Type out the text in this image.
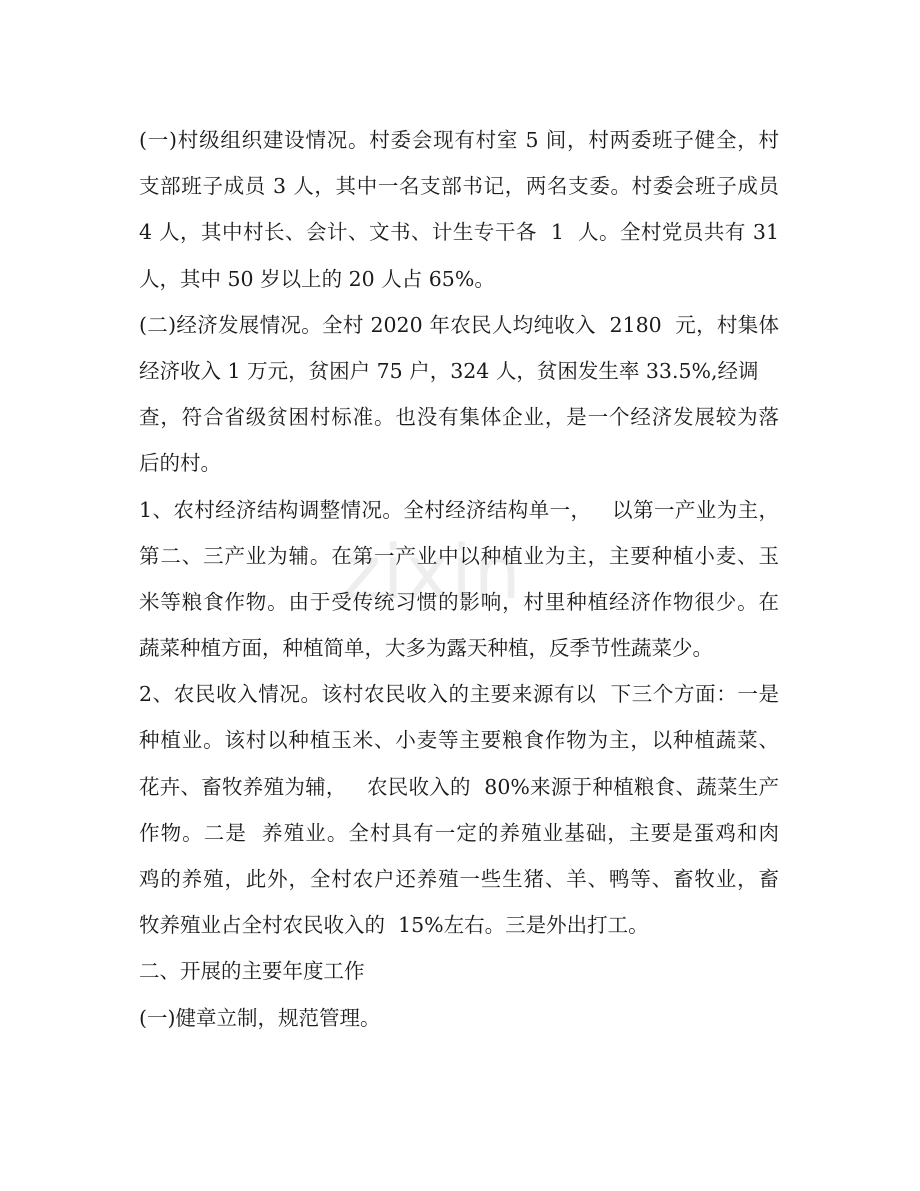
zixin
(一)村级组织建设情况。村委会现有村室 5 间，村两委班子健全，村
支部班子成员 3 人，其中一名支部书记，两名支委。村委会班子成员
4 人，其中村长、会计、文书、计生专干各  1  人。全村党员共有 31
人，其中 50 岁以上的 20 人占 65%。
(二)经济发展情况。全村 2020 年农民人均纯收入  2180  元，村集体
经济收入 1 万元，贫困户 75 户，324 人，贫困发生率 33.5%,经调
查，符合省级贫困村标准。也没有集体企业，是一个经济发展较为落
后的村。
1、农村经济结构调整情况。全村经济结构单一，   以第一产业为主，
第二、三产业为辅。在第一产业中以种植业为主，主要种植小麦、玉
米等粮食作物。由于受传统习惯的影响，村里种植经济作物很少。在
蔬菜种植方面，种植简单，大多为露天种植，反季节性蔬菜少。
2、农民收入情况。该村农民收入的主要来源有以  下三个方面：一是
种植业。该村以种植玉米、小麦等主要粮食作物为主，以种植蔬菜、
花卉、畜牧养殖为辅，   农民收入的  80%来源于种植粮食、蔬菜生产
作物。二是  养殖业。全村具有一定的养殖业基础，主要是蛋鸡和肉
鸡的养殖，此外，全村农户还养殖一些生猪、羊、鸭等、畜牧业，畜
牧养殖业占全村农民收入的  15%左右。三是外出打工。
二、开展的主要年度工作
(一)健章立制，规范管理。
